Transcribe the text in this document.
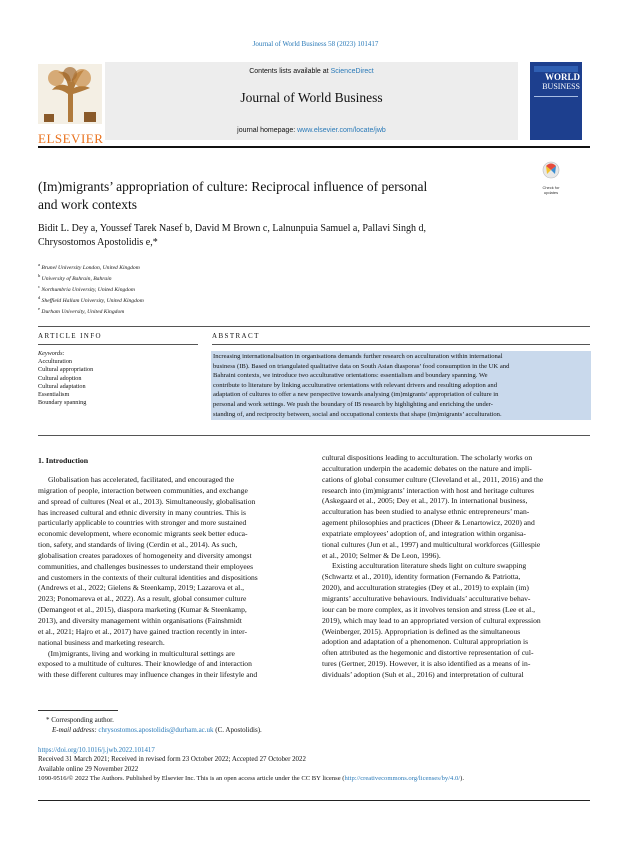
Journal of World Business 58 (2023) 101417
ELSEVIER
Contents lists available at ScienceDirect
Journal of World Business
journal homepage: www.elsevier.com/locate/jwb
WORLD
BUSINESS
(Im)migrants’ appropriation of culture: Reciprocal influence of personal
and work contexts
Check for updates
Bidit L. Dey a, Youssef Tarek Nasef b, David M Brown c, Lalnunpuia Samuel a, Pallavi Singh d,
Chrysostomos Apostolidis e,*
$^a$ Brunel University London, United Kingdom
$^b$ University of Bahrain, Bahrain
$^c$ Northumbria University, United Kingdom
$^d$ Sheffield Hallam University, United Kingdom
$^e$ Durham University, United Kingdom
ARTICLE INFO	ABSTRACT
Keywords:
Acculturation
Cultural appropriation
Cultural adoption
Cultural adaptation
Essentialism
Boundary spanning
Increasing internationalisation in organisations demands further research on acculturation within international
business (IB). Based on triangulated qualitative data on South Asian diasporas’ food consumption in the UK and
Bahraini contexts, we introduce two acculturative orientations: essentialism and boundary spanning. We
contribute to literature by linking acculturative orientations with relevant drivers and resulting adoption and
adaptation of cultures to offer a new perspective towards analysing (im)migrants’ appropriation of culture in
personal and work settings. We push the boundary of IB research by highlighting and enriching the under-
standing of, and reciprocity between, social and occupational contexts that shape (im)migrants’ acculturation.
1. Introduction
Globalisation has accelerated, facilitated, and encouraged the
migration of people, interaction between communities, and exchange
and spread of cultures (Neal et al., 2013). Simultaneously, globalisation
has increased cultural and ethnic diversity in many countries. This is
particularly applicable to countries with stronger and more sustained
economic development, where economic migrants seek better educa-
tion, safety, and standards of living (Cerdin et al., 2014). As such,
globalisation creates paradoxes of homogeneity and diversity amongst
communities, and challenges businesses to understand their employees
and customers in the contexts of their cultural identities and dispositions
(Andrews et al., 2022; Gielens & Steenkamp, 2019; Lazarova et al.,
2023; Ponomareva et al., 2022). As a result, global consumer culture
(Demangeot et al., 2015), diaspora marketing (Kumar & Steenkamp,
2013), and diversity management within organisations (Fainshmidt
et al., 2021; Hajro et al., 2017) have gained traction recently in inter-
national business and marketing research.
(Im)migrants, living and working in multicultural settings are
exposed to a multitude of cultures. Their knowledge of and interaction
with these different cultures may influence changes in their lifestyle and
cultural dispositions leading to acculturation. The scholarly works on
acculturation underpin the academic debates on the nature and impli-
cations of global consumer culture (Cleveland et al., 2011, 2016) and the
research into (im)migrants’ interaction with host and heritage cultures
(Askegaard et al., 2005; Dey et al., 2017). In international business,
acculturation has been studied to analyse ethnic entrepreneurs’ man-
agement philosophies and practices (Dheer & Lenartowicz, 2020) and
expatriate employees’ adoption of, and integration within organisa-
tional cultures (Jun et al., 1997) and multicultural workforces (Gillespie
et al., 2010; Selmer & De Leon, 1996).
Existing acculturation literature sheds light on culture swapping
(Schwartz et al., 2010), identity formation (Fernando & Patriotta,
2020), and acculturation strategies (Dey et al., 2019) to explain (im)
migrants’ acculturative behaviours. Individuals’ acculturative behav-
iour can be more complex, as it involves tension and stress (Lee et al.,
2019), which may lead to an appropriated version of cultural expression
(Weinberger, 2015). Appropriation is defined as the simultaneous
adoption and adaptation of a phenomenon. Cultural appropriation is
often attributed as the hegemonic and distortive representation of cul-
tures (Gertner, 2019). However, it is also identified as a means of in-
dividuals’ adoption (Suh et al., 2016) and interpretation of cultural
* Corresponding author.
E-mail address: chrysostomos.apostolidis@durham.ac.uk (C. Apostolidis).
https://doi.org/10.1016/j.jwb.2022.101417
Received 31 March 2021; Received in revised form 23 October 2022; Accepted 27 October 2022
Available online 29 November 2022
1090-9516/© 2022 The Authors. Published by Elsevier Inc. This is an open access article under the CC BY license (http://creativecommons.org/licenses/by/4.0/).
